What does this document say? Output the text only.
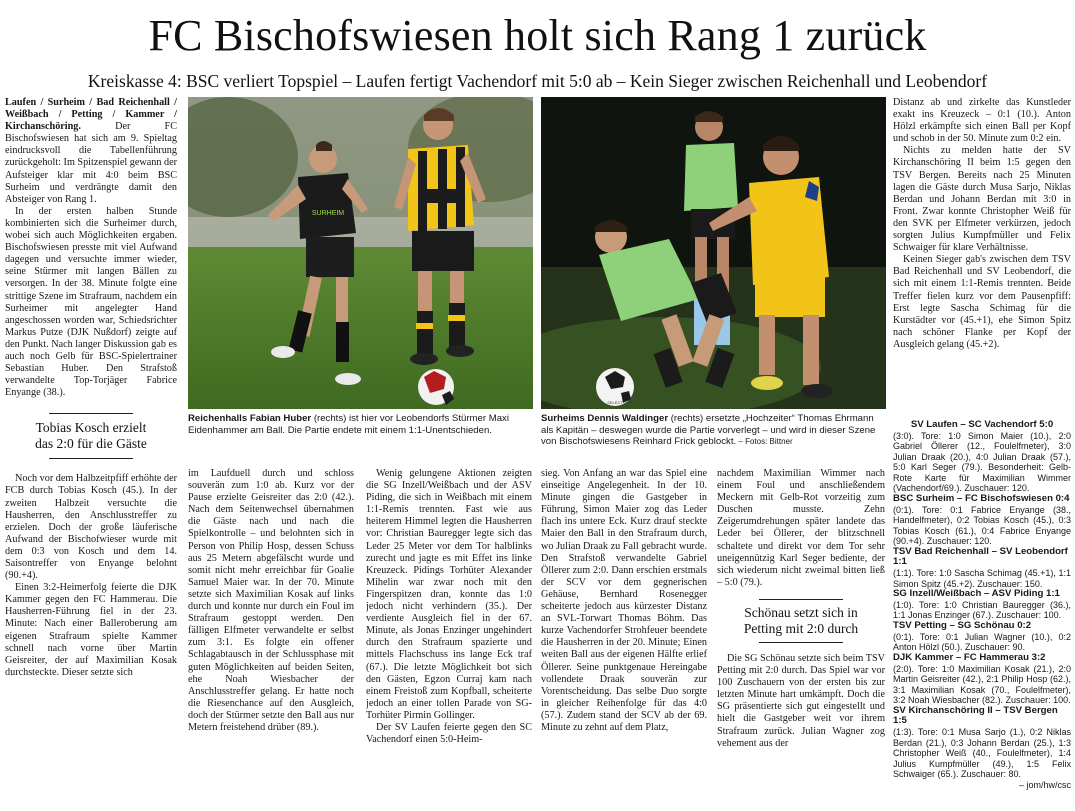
FC Bischofswiesen holt sich Rang 1 zurück
Kreiskasse 4: BSC verliert Topspiel – Laufen fertigt Vachendorf mit 5:0 ab – Kein Sieger zwischen Reichenhall und Leobendorf

Laufen / Surheim / Bad Reichenhall / Weißbach / Petting / Kammer / Kirchanschöring.	Der FC Bischofswiesen hat sich am 9. Spieltag eindrucksvoll die Tabellenführung zurückgeholt: Im Spitzenspiel gewann der Aufsteiger klar mit 4:0 beim BSC Surheim und verdrängte damit den Absteiger von Rang 1.

In der ersten halben Stunde kombinierten sich die Surheimer durch, wobei sich auch Möglichkeiten ergaben. Bischofswiesen presste mit viel Aufwand dagegen und versuchte immer wieder, seine Stürmer mit langen Bällen zu versorgen. In der 38. Minute folgte eine strittige Szene im Strafraum, nachdem ein Surheimer mit angelegter Hand angeschossen worden war, Schiedsrichter Markus Putze (DJK Nußdorf) zeigte auf den Punkt. Nach langer Diskussion gab es auch noch Gelb für BSC-Spielertrainer Sebastian Huber. Den Strafstoß verwandelte Top-Torjäger Fabrice Enyange (38.).

Tobias Kosch erzielt
das 2:0 für die Gäste

Noch vor dem Halbzeitpfiff erhöhte der FCB durch Tobias Kosch (45.). In der zweiten Halbzeit versuchte die Hausherren, den Anschlusstreffer zu erzielen. Doch der große läuferische Aufwand der Bischofwieser wurde mit dem 0:3 von Kosch und dem 14. Saisontreffer von Enyange belohnt (90.+4).

Einen 3:2-Heimerfolg feierte die DJK Kammer gegen den FC Hammerau. Die Hausherren-Führung fiel in der 23. Minute: Nach einer Balleroberung am eigenen Strafraum spielte Kammer schnell nach vorne über Martin Geisreiter, der auf Maximilian Kosak durchsteckte. Dieser setzte sich

SURHEIM
Reichenhalls Fabian Huber (rechts) ist hier vor Leobendorfs Stürmer Maxi Eidenhammer am Ball. Die Partie endete mit einem 1:1-Unentschieden.
SELECT
Surheims Dennis Waldinger (rechts) ersetzte „Hochzeiter“ Thomas Ehrmann als Kapitän – deswegen wurde die Partie vorverlegt – und wird in dieser Szene von Bischofswiesens Reinhard Frick geblockt. – Fotos: Bittner

im Laufduell durch und schloss souverän zum 1:0 ab. Kurz vor der Pause erzielte Geisreiter das 2:0 (42.). Nach dem Seitenwechsel übernahmen die Gäste nach und nach die Spielkontrolle – und belohnten sich in Person von Philip Hosp, dessen Schuss aus 25 Metern abgefälscht wurde und somit nicht mehr erreichbar für Goalie Samuel Maier war. In der 70. Minute setzte sich Maximilian Kosak auf links durch und konnte nur durch ein Foul im Strafraum gestoppt werden. Den fälligen Elfmeter verwandelte er selbst zum 3:1. Es folgte ein offener Schlagabtausch in der Schlussphase mit guten Möglichkeiten auf beiden Seiten, ehe Noah Wiesbacher der Anschlusstreffer gelang. Er hatte noch die Riesenchance auf den Ausgleich, doch der Stürmer setzte den Ball aus nur Metern freistehend drüber (89.).

Wenig gelungene Aktionen zeigten die SG Inzell/Weißbach und der ASV Piding, die sich in Weißbach mit einem 1:1-Remis trennten. Fast wie aus heiterem Himmel legten die Hausherren vor: Christian Bauregger legte sich das Leder 25 Meter vor dem Tor halblinks zurecht und jagte es mit Effet ins linke Kreuzeck. Pidings Torhüter Alexander Mihelin war zwar noch mit den Fingerspitzen dran, konnte das 1:0 jedoch nicht verhindern (35.). Der verdiente Ausgleich fiel in der 67. Minute, als Jonas Enzinger ungehindert durch den Strafraum spazierte und mittels Flachschuss ins lange Eck traf (67.). Die letzte Möglichkeit bot sich den Gästen, Egzon Curraj kam nach einem Freistoß zum Kopfball, scheiterte jedoch an einer tollen Parade von SG-Torhüter Pirmin Gollinger.

Der SV Laufen feierte gegen den SC Vachendorf einen 5:0-Heim-

sieg. Von Anfang an war das Spiel eine einseitige Angelegenheit. In der 10. Minute gingen die Gastgeber in Führung, Simon Maier zog das Leder flach ins untere Eck. Kurz drauf steckte Maier den Ball in den Strafraum durch, wo Julian Draak zu Fall gebracht wurde. Den Strafstoß verwandelte Gabriel Öllerer zum 2:0. Dann erschien erstmals der SCV vor dem gegnerischen Gehäuse, Bernhard Rosenegger scheiterte jedoch aus kürzester Distanz an SVL-Torwart Thomas Böhm. Das kurze Vachendorfer Strohfeuer beendete die Hausherren in der 20. Minute; Einen weiten Ball aus der eigenen Hälfte erlief Öllerer. Seine punktgenaue Hereingabe vollendete Draak souverän zur Vorentscheidung. Das selbe Duo sorgte in gleicher Reihenfolge für das 4:0 (57.). Zudem stand der SCV ab der 69. Minute zu zehnt auf dem Platz,

nachdem Maximilian Wimmer nach einem Foul und anschließendem Meckern mit Gelb-Rot vorzeitig zum Duschen musste. Zehn Zeigerumdrehungen später landete das Leder bei Öllerer, der blitzschnell schaltete und direkt vor dem Tor sehr uneigennützig Karl Seger bediente, der sich wiederum nicht zweimal bitten ließ – 5:0 (79.).

Schönau setzt sich in
Petting mit 2:0 durch

Die SG Schönau setzte sich beim TSV Petting mit 2:0 durch. Das Spiel war vor 100 Zuschauern von der ersten bis zur letzten Minute hart umkämpft. Doch die SG präsentierte sich gut eingestellt und hielt die Gastgeber weit vor ihrem Strafraum zurück. Julian Wagner zog vehement aus der

Distanz ab und zirkelte das Kunstleder exakt ins Kreuzeck – 0:1 (10.). Anton Hölzl erkämpfte sich einen Ball per Kopf und schob in der 50. Minute zum 0:2 ein.

Nichts zu melden hatte der SV Kirchanschöring II beim 1:5 gegen den TSV Bergen. Bereits nach 25 Minuten lagen die Gäste durch Musa Sarjo, Niklas Berdan und Johann Berdan mit 3:0 in Front. Zwar konnte Christopher Weiß für den SVK per Elfmeter verkürzen, jedoch sorgten Julius Kumpfmüller und Felix Schwaiger für klare Verhältnisse.

Keinen Sieger gab's zwischen dem TSV Bad Reichenhall und SV Leobendorf, die sich mit einem 1:1-Remis trennten. Beide Treffer fielen kurz vor dem Pausenpfiff: Erst legte Sascha Schimag für die Kurstädter vor (45.+1), ehe Simon Spitz nach schöner Flanke per Kopf der Ausgleich gelang (45.+2).

SV Laufen – SC Vachendorf 5:0
(3:0). Tore: 1:0 Simon Maier (10.), 2:0 Gabriel Öllerer (12., Foulelfmeter), 3:0 Julian Draak (20.), 4:0 Julian Draak (57.), 5:0 Karl Seger (79.). Besonderheit: Gelb-Rote Karte für Maximilian Wimmer (Vachendorf/69.). Zuschauer: 120.
BSC Surheim – FC Bischofswiesen 0:4
(0:1). Tore: 0:1 Fabrice Enyange (38., Handelfmeter), 0:2 Tobias Kosch (45.), 0:3 Tobias Kosch (61.), 0:4 Fabrice Enyange (90.+4). Zuschauer: 120.
TSV Bad Reichenhall – SV Leobendorf 1:1
(1:1). Tore: 1:0 Sascha Schimag (45.+1), 1:1 Simon Spitz (45.+2). Zuschauer: 150.
SG Inzell/Weißbach – ASV Piding 1:1
(1:0). Tore: 1:0 Christian Bauregger (36.), 1:1 Jonas Enzinger (67.). Zuschauer: 100.
TSV Petting – SG Schönau 0:2
(0:1). Tore: 0:1 Julian Wagner (10.), 0:2 Anton Hölzl (50.). Zuschauer: 90.
DJK Kammer – FC Hammerau 3:2
(2:0). Tore: 1:0 Maximilian Kosak (21.), 2:0 Martin Geisreiter (42.), 2:1 Philip Hosp (62.), 3:1 Maximilian Kosak (70., Foulelfmeter), 3:2 Noah Wiesbacher (82.). Zuschauer: 100.
SV Kirchanschöring II – TSV Bergen 1:5
(1:3). Tore: 0:1 Musa Sarjo (1.), 0:2 Niklas Berdan (21.), 0:3 Johann Berdan (25.), 1:3 Christopher Weiß (40., Foulelfmeter), 1:4 Julius Kumpfmüller (49.), 1:5 Felix Schwaiger (65.). Zuschauer: 80.
– jom/hw/csc
